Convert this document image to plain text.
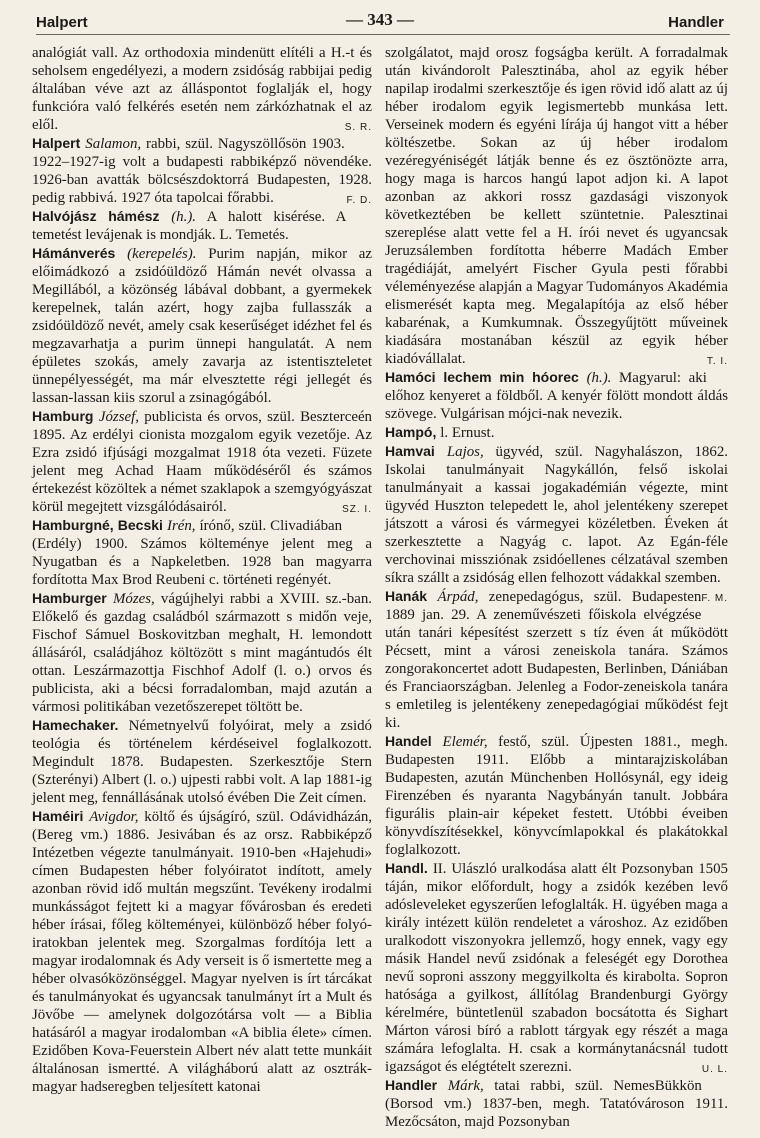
Halpert	— 343 —	Handler

analógiát vall. Az orthodoxia mindenütt elítéli a H.-t és seholsem engedélyezi, a modern zsidóság rabbijai pedig általában véve azt az álláspontot foglalják el, hogy funkcióra való felkérés esetén nem zárkózhatnak el az elől.	S. R.

Halpert Salamon, rabbi, szül. Nagyszöllősön 1903. 1922–1927-ig volt a budapesti rabbiképző növendéke. 1926-ban avatták bölcsészdoktorrá Budapesten, 1928. pedig rabbivá. 1927 óta tapolcai főrabbi.	F. D.

Halvójász hámész (h.). A halott kisérése. A temetést levájenak is mondják. L. Temetés.

Hámánverés (kerepelés). Purim napján, mikor az előimádkozó a zsidóüldöző Hámán nevét olvassa a Megillából, a közönség lábával dobbant, a gyermekek kerepelnek, talán azért, hogy zajba fullasszák a zsidóüldöző nevét, amely csak keserűséget idézhet fel és megzavarhatja a purim ünnepi hangulatát. A nem épületes szokás, amely zavarja az istentiszteletet ünnepélyességét, ma már elvesztette régi jellegét és lassan-lassan kiis szorul a zsinagógából.

Hamburg József, publicista és orvos, szül. Beszterceén 1895. Az erdélyi cionista mozgalom egyik vezetője. Az Ezra zsidó ifjúsági mozgalmat 1918 óta vezeti. Füzete jelent meg Achad Haam működéséről és számos értekezést közöltek a német szaklapok a szemgyógyászat körül megejtett vizsgálódásairól.	SZ. I.

Hamburgné, Becski Irén, írónő, szül. Clivadiában (Erdély) 1900. Számos költeménye jelent meg a Nyugatban és a Napkeletben. 1928 ban magyarra fordította Max Brod Reubeni c. történeti regényét.

Hamburger Mózes, vágújhelyi rabbi a XVIII. sz.-ban. Előkelő és gazdag családból származott s midőn veje, Fischof Sámuel Boskovitzban meghalt, H. lemondott állásáról, családjához költözött s mint magántudós élt ottan. Leszármazottja Fischhof Adolf (l. o.) orvos és publicista, aki a bécsi forradalomban, majd azután a vármosi politikában vezetőszerepet töltött be.

Hamechaker. Németnyelvű folyóirat, mely a zsidó teológia és történelem kérdéseivel foglalkozott. Megindult 1878. Budapesten. Szerkesztője Stern (Szterényi) Albert (l. o.) ujpesti rabbi volt. A lap 1881-ig jelent meg, fennállásának utolsó évében Die Zeit címen.

Haméiri Avigdor, költő és újságíró, szül. Odávidházán, (Bereg vm.) 1886. Jesivában és az orsz. Rabbiképző Intézetben végezte tanulmányait. 1910-ben «Hajehudi» címen Budapesten héber folyóiratot indított, amely azonban rövid idő multán megszűnt. Tevékeny irodalmi munkásságot fejtett ki a magyar fővárosban és eredeti héber írásai, főleg költeményei, különböző héber folyóiratokban jelentek meg. Szorgalmas fordítója lett a magyar irodalomnak és Ady verseit is ő ismertette meg a héber olvasóközönséggel. Magyar nyelven is írt tárcákat és tanulmányokat és ugyancsak tanulmányt írt a Mult és Jövőbe — amelynek dolgozótársa volt — a Biblia hatásáról a magyar irodalomban «A biblia élete» címen. Ezidőben Kova-Feuerstein Albert név alatt tette munkáit általánosan ismertté. A világháború alatt az osztrák-magyar hadseregben teljesített katonai

szolgálatot, majd orosz fogságba került. A forradalmak után kivándorolt Palesztinába, ahol az egyik héber napilap irodalmi szerkesztője és igen rövid idő alatt az új héber irodalom egyik legismertebb munkása lett. Verseinek modern és egyéni lírája új hangot vitt a héber költészetbe. Sokan az új héber irodalom vezéregyéniségét látják benne és ez ösztönözte arra, hogy maga is harcos hangú lapot adjon ki. A lapot azonban az akkori rossz gazdasági viszonyok következtében be kellett szüntetnie. Palesztinai szereplése alatt vette fel a H. írói nevet és ugyancsak Jeruzsálemben fordította héberre Madách Ember tragédiáját, amelyért Fischer Gyula pesti főrabbi véleményezése alapján a Magyar Tudományos Akadémia elismerését kapta meg. Megalapítója az első héber kabarénak, a Kumkumnak. Összegyűjtött műveinek kiadására mostanában készül az egyik héber kiadóvállalat.	T. I.

Hamóci lechem min hóorec (h.). Magyarul: aki előhoz kenyeret a földből. A kenyér fölött mondott áldás szövege. Vulgárisan mójci-nak nevezik.

Hampó, l. Ernust.

Hamvai Lajos, ügyvéd, szül. Nagyhalászon, 1862. Iskolai tanulmányait Nagykállón, felső iskolai tanulmányait a kassai jogakadémián végezte, mint ügyvéd Huszton telepedett le, ahol jelentékeny szerepet játszott a városi és vármegyei közéletben. Éveken át szerkesztette a Nagyág c. lapot. Az Egán-féle verchovinai missziónak zsidóellenes célzatával szemben síkra szállt a zsidóság ellen felhozott vádakkal szemben.
F. M.

Hanák Árpád, zenepedagógus, szül. Budapesten 1889 jan. 29. A zeneművészeti főiskola elvégzése után tanári képesítést szerzett s tíz éven át működött Pécsett, mint a városi zeneiskola tanára. Számos zongorakoncertet adott Budapesten, Berlinben, Dániában és Franciaországban. Jelenleg a Fodor-zeneiskola tanára s emletileg is jelentékeny zenepedagógiai működést fejt ki.

Handel Elemér, festő, szül. Újpesten 1881., megh. Budapesten 1911. Előbb a mintarajziskolában Budapesten, azután Münchenben Hollósynál, egy ideig Firenzében és nyaranta Nagybányán tanult. Jobbára figurális plain-air képeket festett. Utóbbi éveiben könyvdíszítésekkel, könyvcímlapokkal és plakátokkal foglalkozott.

Handl. II. Ulászló uralkodása alatt élt Pozsonyban 1505 táján, mikor előfordult, hogy a zsidók kezében levő adósleveleket egyszerűen lefoglalták. H. ügyében maga a király intézett külön rendeletet a városhoz. Az ezidőben uralkodott viszonyokra jellemző, hogy ennek, vagy egy másik Handel nevű zsidónak a feleségét egy Dorothea nevű soproni asszony meggyilkolta és kirabolta. Sopron hatósága a gyilkost, állítólag Brandenburgi György kérelmére, büntetlenül szabadon bocsátotta és Sighart Márton városi bíró a rablott tárgyak egy részét a maga számára lefoglalta. H. csak a kormánytanácsnál tudott igazságot és elégtételt szerezni.	U. L.

Handler Márk, tatai rabbi, szül. NemesBükkön (Borsod vm.) 1837-ben, megh. Tatatóvároson 1911. Mezőcsáton, majd Pozsonyban
